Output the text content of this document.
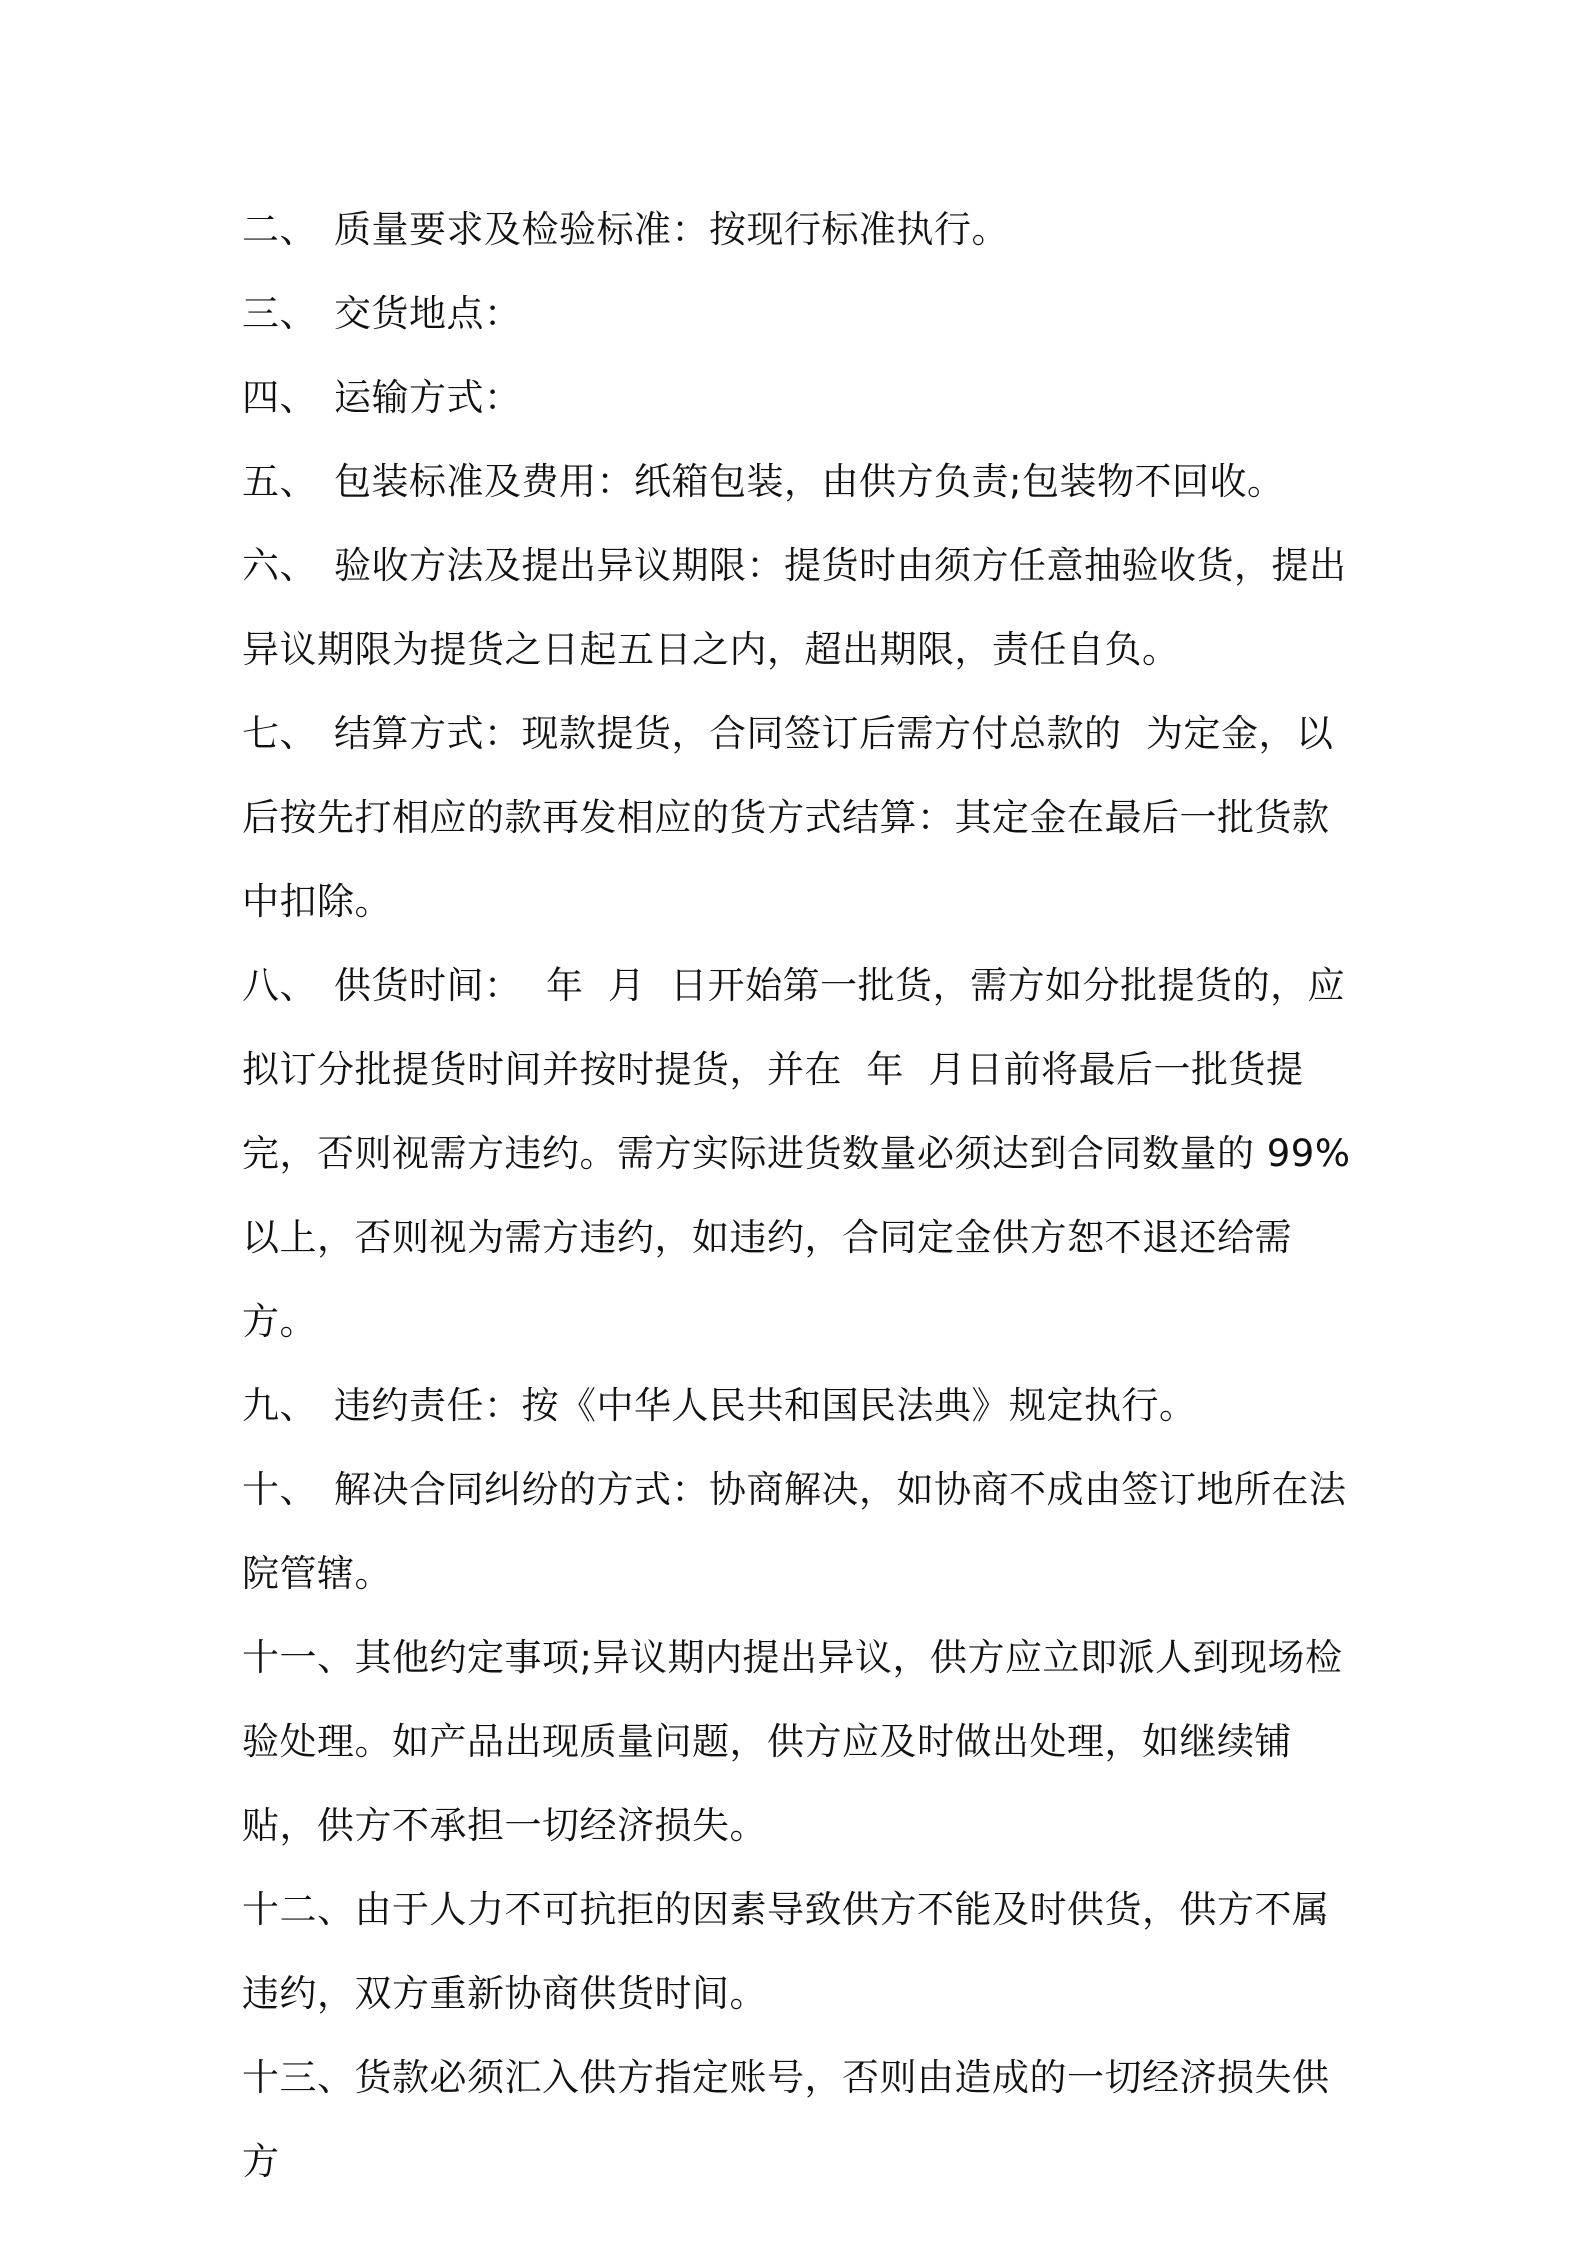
二、 质量要求及检验标准：按现行标准执行。

三、 交货地点：

四、 运输方式：

五、 包装标准及费用：纸箱包装，由供方负责;包装物不回收。

六、 验收方法及提出异议期限：提货时由须方任意抽验收货，提出异议期限为提货之日起五日之内，超出期限，责任自负。

七、 结算方式：现款提货，合同签订后需方付总款的  为定金，以后按先打相应的款再发相应的货方式结算：其定金在最后一批货款中扣除。

八、 供货时间：  年  月  日开始第一批货，需方如分批提货的，应拟订分批提货时间并按时提货，并在  年  月日前将最后一批货提完，否则视需方违约。需方实际进货数量必须达到合同数量的 99%以上，否则视为需方违约，如违约，合同定金供方恕不退还给需方。

九、 违约责任：按《中华人民共和国民法典》规定执行。

十、 解决合同纠纷的方式：协商解决，如协商不成由签订地所在法院管辖。

十一、其他约定事项;异议期内提出异议，供方应立即派人到现场检验处理。如产品出现质量问题，供方应及时做出处理，如继续铺贴，供方不承担一切经济损失。

十二、由于人力不可抗拒的因素导致供方不能及时供货，供方不属违约，双方重新协商供货时间。

十三、货款必须汇入供方指定账号，否则由造成的一切经济损失供方
